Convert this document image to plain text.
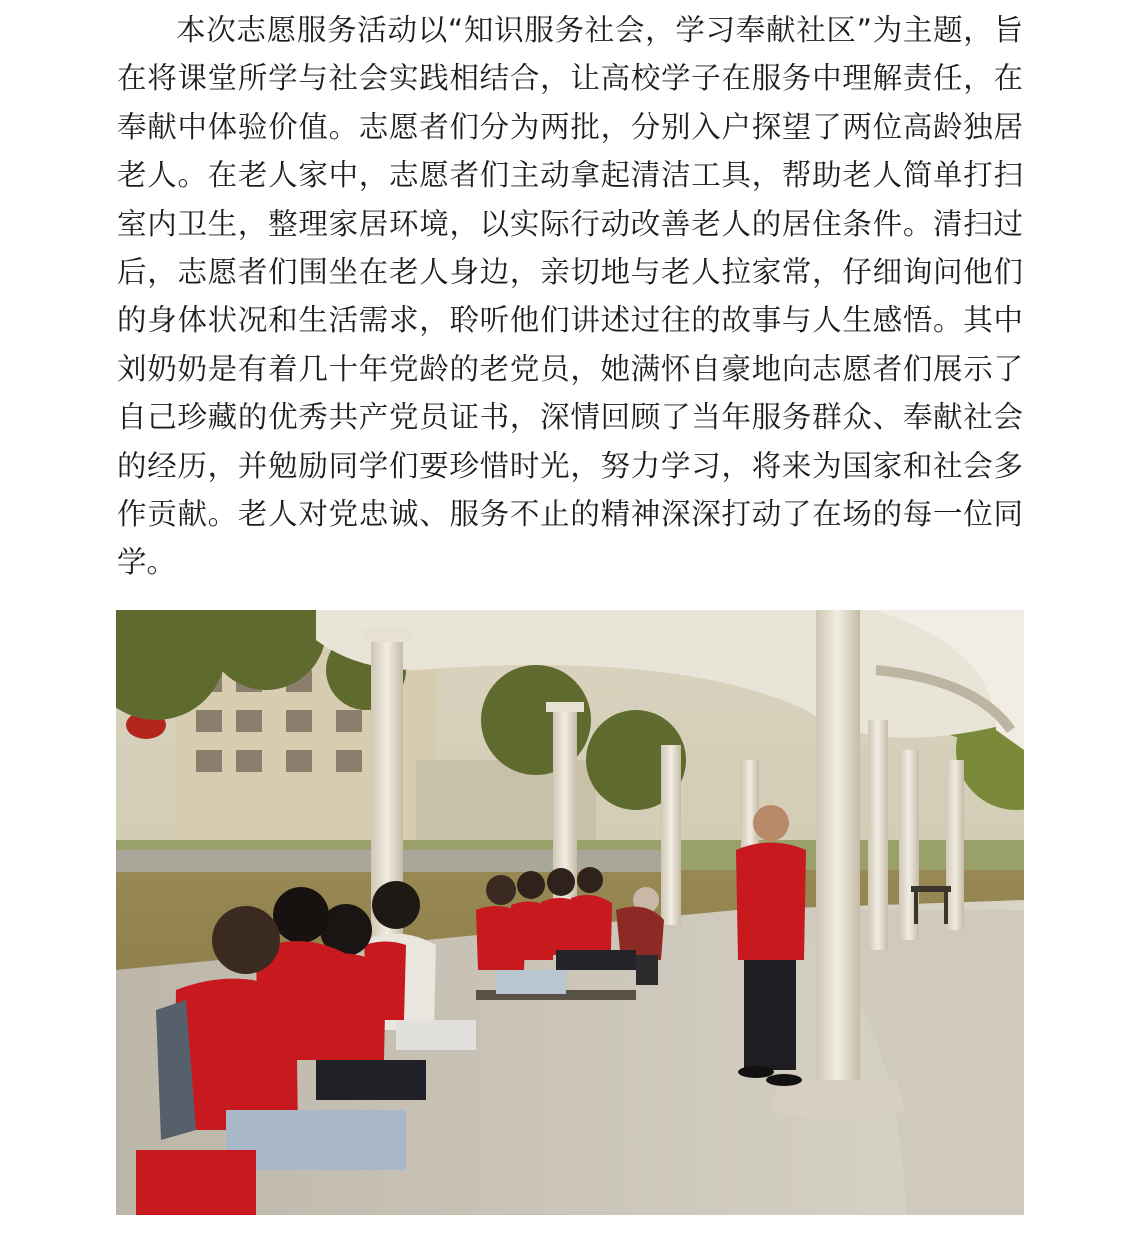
本次志愿服务活动以“知识服务社会，学习奉献社区”为主题，旨在将课堂所学与社会实践相结合，让高校学子在服务中理解责任，在奉献中体验价值。志愿者们分为两批，分别入户探望了两位高龄独居老人。在老人家中，志愿者们主动拿起清洁工具，帮助老人简单打扫室内卫生，整理家居环境，以实际行动改善老人的居住条件。清扫过后，志愿者们围坐在老人身边，亲切地与老人拉家常，仔细询问他们的身体状况和生活需求，聆听他们讲述过往的故事与人生感悟。其中刘奶奶是有着几十年党龄的老党员，她满怀自豪地向志愿者们展示了自己珍藏的优秀共产党员证书，深情回顾了当年服务群众、奉献社会的经历，并勉励同学们要珍惜时光，努力学习，将来为国家和社会多作贡献。老人对党忠诚、服务不止的精神深深打动了在场的每一位同学。
